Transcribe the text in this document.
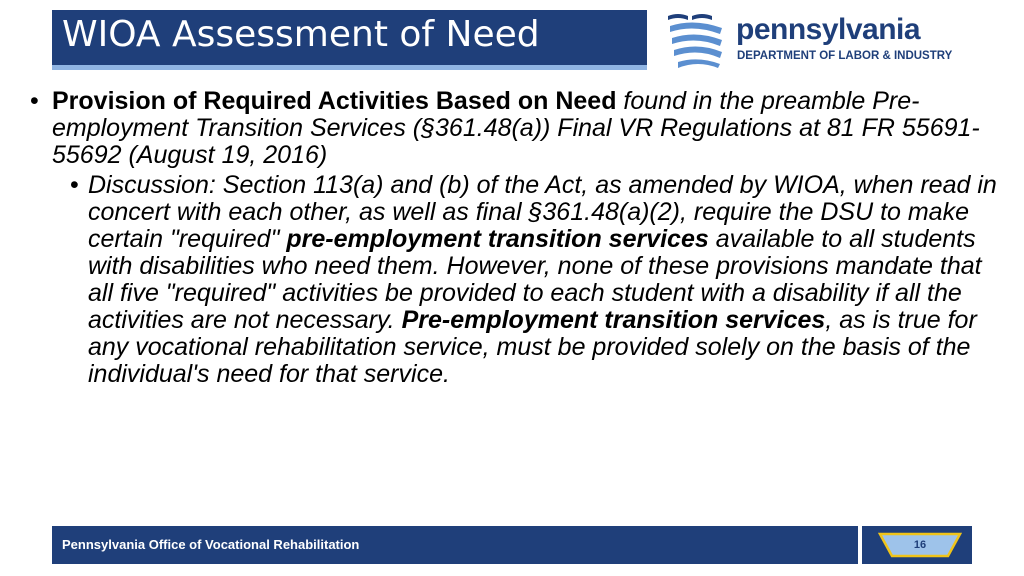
WIOA Assessment of Need	pennsylvania
DEPARTMENT OF LABOR & INDUSTRY
• Provision of Required Activities Based on Need found in the preamble Pre-employment Transition Services (§361.48(a)) Final VR Regulations at 81 FR 55691-55692 (August 19, 2016)
• Discussion: Section 113(a) and (b) of the Act, as amended by WIOA, when read in concert with each other, as well as final §361.48(a)(2), require the DSU to make certain "required" pre-employment transition services available to all students with disabilities who need them. However, none of these provisions mandate that all five "required" activities be provided to each student with a disability if all the activities are not necessary. Pre-employment transition services, as is true for any vocational rehabilitation service, must be provided solely on the basis of the individual's need for that service.
Pennsylvania Office of Vocational Rehabilitation	16
